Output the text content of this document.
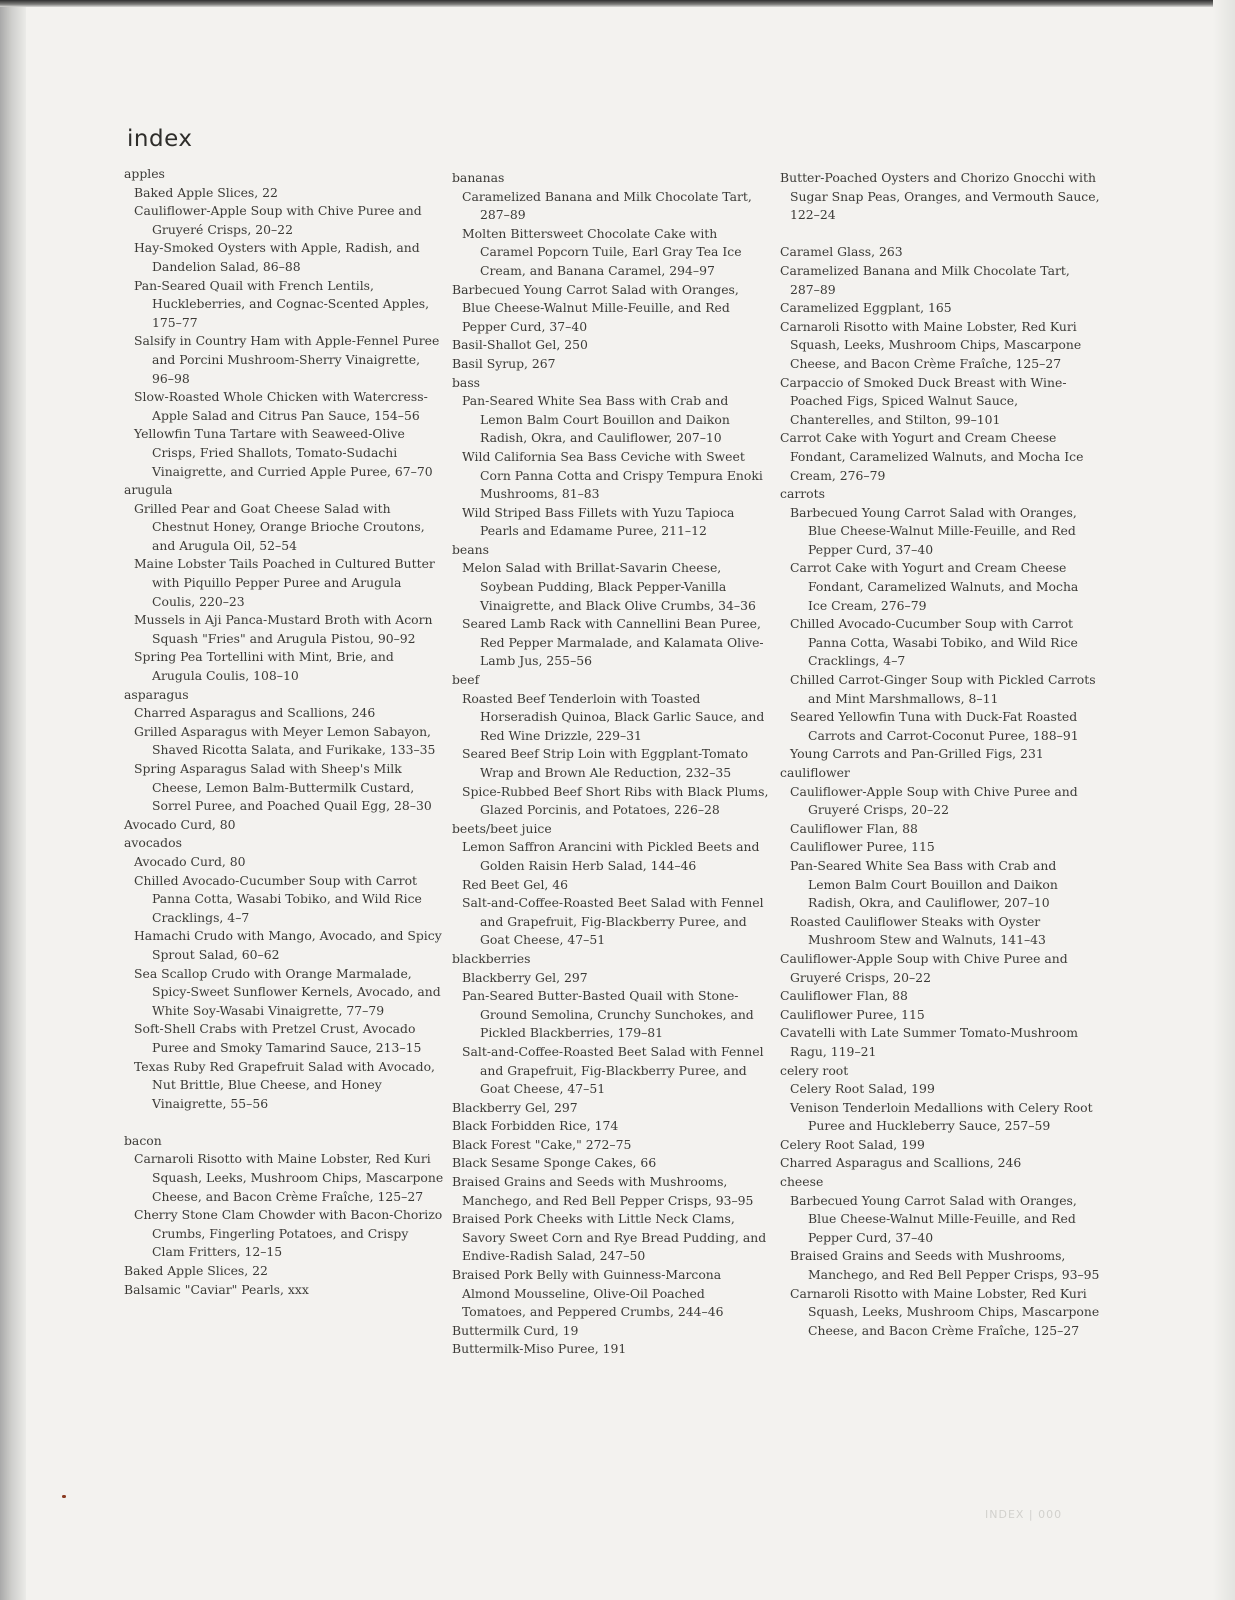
index

apples

Baked Apple Slices, 22

Cauliflower-Apple Soup with Chive Puree and Gruyeré Crisps, 20–22

Hay-Smoked Oysters with Apple, Radish, and Dandelion Salad, 86–88

Pan-Seared Quail with French Lentils, Huckleberries, and Cognac-Scented Apples, 175–77

Salsify in Country Ham with Apple-Fennel Puree and Porcini Mushroom-Sherry Vinaigrette, 96–98

Slow-Roasted Whole Chicken with Watercress-Apple Salad and Citrus Pan Sauce, 154–56

Yellowfin Tuna Tartare with Seaweed-Olive Crisps, Fried Shallots, Tomato-Sudachi Vinaigrette, and Curried Apple Puree, 67–70

arugula

Grilled Pear and Goat Cheese Salad with Chestnut Honey, Orange Brioche Croutons, and Arugula Oil, 52–54

Maine Lobster Tails Poached in Cultured Butter with Piquillo Pepper Puree and Arugula Coulis, 220–23

Mussels in Aji Panca-Mustard Broth with Acorn Squash "Fries" and Arugula Pistou, 90–92

Spring Pea Tortellini with Mint, Brie, and Arugula Coulis, 108–10

asparagus

Charred Asparagus and Scallions, 246

Grilled Asparagus with Meyer Lemon Sabayon, Shaved Ricotta Salata, and Furikake, 133–35

Spring Asparagus Salad with Sheep's Milk Cheese, Lemon Balm-Buttermilk Custard, Sorrel Puree, and Poached Quail Egg, 28–30

Avocado Curd, 80

avocados

Avocado Curd, 80

Chilled Avocado-Cucumber Soup with Carrot Panna Cotta, Wasabi Tobiko, and Wild Rice Cracklings, 4–7

Hamachi Crudo with Mango, Avocado, and Spicy Sprout Salad, 60–62

Sea Scallop Crudo with Orange Marmalade, Spicy-Sweet Sunflower Kernels, Avocado, and White Soy-Wasabi Vinaigrette, 77–79

Soft-Shell Crabs with Pretzel Crust, Avocado Puree and Smoky Tamarind Sauce, 213–15

Texas Ruby Red Grapefruit Salad with Avocado, Nut Brittle, Blue Cheese, and Honey Vinaigrette, 55–56

bacon

Carnaroli Risotto with Maine Lobster, Red Kuri Squash, Leeks, Mushroom Chips, Mascarpone Cheese, and Bacon Crème Fraîche, 125–27

Cherry Stone Clam Chowder with Bacon-Chorizo Crumbs, Fingerling Potatoes, and Crispy Clam Fritters, 12–15

Baked Apple Slices, 22

Balsamic "Caviar" Pearls, xxx

bananas

Caramelized Banana and Milk Chocolate Tart, 287–89

Molten Bittersweet Chocolate Cake with Caramel Popcorn Tuile, Earl Gray Tea Ice Cream, and Banana Caramel, 294–97

Barbecued Young Carrot Salad with Oranges, Blue Cheese-Walnut Mille-Feuille, and Red Pepper Curd, 37–40

Basil-Shallot Gel, 250

Basil Syrup, 267

bass

Pan-Seared White Sea Bass with Crab and Lemon Balm Court Bouillon and Daikon Radish, Okra, and Cauliflower, 207–10

Wild California Sea Bass Ceviche with Sweet Corn Panna Cotta and Crispy Tempura Enoki Mushrooms, 81–83

Wild Striped Bass Fillets with Yuzu Tapioca Pearls and Edamame Puree, 211–12

beans

Melon Salad with Brillat-Savarin Cheese, Soybean Pudding, Black Pepper-Vanilla Vinaigrette, and Black Olive Crumbs, 34–36

Seared Lamb Rack with Cannellini Bean Puree, Red Pepper Marmalade, and Kalamata Olive-Lamb Jus, 255–56

beef

Roasted Beef Tenderloin with Toasted Horseradish Quinoa, Black Garlic Sauce, and Red Wine Drizzle, 229–31

Seared Beef Strip Loin with Eggplant-Tomato Wrap and Brown Ale Reduction, 232–35

Spice-Rubbed Beef Short Ribs with Black Plums, Glazed Porcinis, and Potatoes, 226–28

beets/beet juice

Lemon Saffron Arancini with Pickled Beets and Golden Raisin Herb Salad, 144–46

Red Beet Gel, 46

Salt-and-Coffee-Roasted Beet Salad with Fennel and Grapefruit, Fig-Blackberry Puree, and Goat Cheese, 47–51

blackberries

Blackberry Gel, 297

Pan-Seared Butter-Basted Quail with Stone-Ground Semolina, Crunchy Sunchokes, and Pickled Blackberries, 179–81

Salt-and-Coffee-Roasted Beet Salad with Fennel and Grapefruit, Fig-Blackberry Puree, and Goat Cheese, 47–51

Blackberry Gel, 297

Black Forbidden Rice, 174

Black Forest "Cake," 272–75

Black Sesame Sponge Cakes, 66

Braised Grains and Seeds with Mushrooms, Manchego, and Red Bell Pepper Crisps, 93–95

Braised Pork Cheeks with Little Neck Clams, Savory Sweet Corn and Rye Bread Pudding, and Endive-Radish Salad, 247–50

Braised Pork Belly with Guinness-Marcona Almond Mousseline, Olive-Oil Poached Tomatoes, and Peppered Crumbs, 244–46

Buttermilk Curd, 19

Buttermilk-Miso Puree, 191

Butter-Poached Oysters and Chorizo Gnocchi with Sugar Snap Peas, Oranges, and Vermouth Sauce, 122–24

Caramel Glass, 263

Caramelized Banana and Milk Chocolate Tart, 287–89

Caramelized Eggplant, 165

Carnaroli Risotto with Maine Lobster, Red Kuri Squash, Leeks, Mushroom Chips, Mascarpone Cheese, and Bacon Crème Fraîche, 125–27

Carpaccio of Smoked Duck Breast with Wine-Poached Figs, Spiced Walnut Sauce, Chanterelles, and Stilton, 99–101

Carrot Cake with Yogurt and Cream Cheese Fondant, Caramelized Walnuts, and Mocha Ice Cream, 276–79

carrots

Barbecued Young Carrot Salad with Oranges, Blue Cheese-Walnut Mille-Feuille, and Red Pepper Curd, 37–40

Carrot Cake with Yogurt and Cream Cheese Fondant, Caramelized Walnuts, and Mocha Ice Cream, 276–79

Chilled Avocado-Cucumber Soup with Carrot Panna Cotta, Wasabi Tobiko, and Wild Rice Cracklings, 4–7

Chilled Carrot-Ginger Soup with Pickled Carrots and Mint Marshmallows, 8–11

Seared Yellowfin Tuna with Duck-Fat Roasted Carrots and Carrot-Coconut Puree, 188–91

Young Carrots and Pan-Grilled Figs, 231

cauliflower

Cauliflower-Apple Soup with Chive Puree and Gruyeré Crisps, 20–22

Cauliflower Flan, 88

Cauliflower Puree, 115

Pan-Seared White Sea Bass with Crab and Lemon Balm Court Bouillon and Daikon Radish, Okra, and Cauliflower, 207–10

Roasted Cauliflower Steaks with Oyster Mushroom Stew and Walnuts, 141–43

Cauliflower-Apple Soup with Chive Puree and Gruyeré Crisps, 20–22

Cauliflower Flan, 88

Cauliflower Puree, 115

Cavatelli with Late Summer Tomato-Mushroom Ragu, 119–21

celery root

Celery Root Salad, 199

Venison Tenderloin Medallions with Celery Root Puree and Huckleberry Sauce, 257–59

Celery Root Salad, 199

Charred Asparagus and Scallions, 246

cheese

Barbecued Young Carrot Salad with Oranges, Blue Cheese-Walnut Mille-Feuille, and Red Pepper Curd, 37–40

Braised Grains and Seeds with Mushrooms, Manchego, and Red Bell Pepper Crisps, 93–95

Carnaroli Risotto with Maine Lobster, Red Kuri Squash, Leeks, Mushroom Chips, Mascarpone Cheese, and Bacon Crème Fraîche, 125–27

INDEX | 000
